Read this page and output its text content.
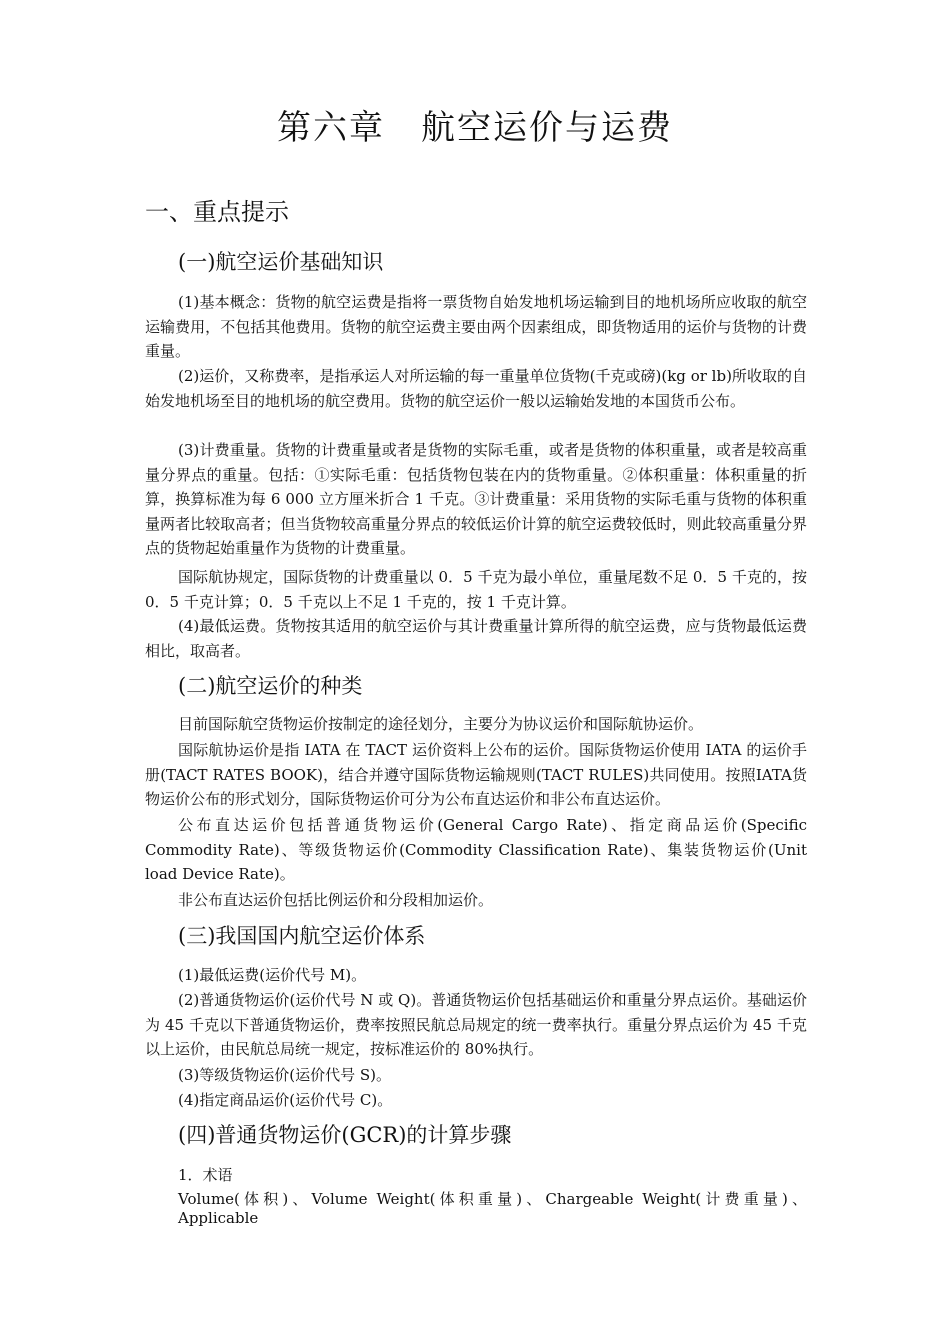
第六章　航空运价与运费
一、重点提示
(一)航空运价基础知识

(1)基本概念：货物的航空运费是指将一票货物自始发地机场运输到目的地机场所应收取的航空运输费用，不包括其他费用。货物的航空运费主要由两个因素组成，即货物适用的运价与货物的计费重量。

(2)运价，又称费率，是指承运人对所运输的每一重量单位货物(千克或磅)(kg or lb)所收取的自始发地机场至目的地机场的航空费用。货物的航空运价一般以运输始发地的本国货币公布。

(3)计费重量。货物的计费重量或者是货物的实际毛重，或者是货物的体积重量，或者是较高重量分界点的重量。包括：①实际毛重：包括货物包装在内的货物重量。②体积重量：体积重量的折算，换算标准为每 6 000 立方厘米折合 1 千克。③计费重量：采用货物的实际毛重与货物的体积重量两者比较取高者；但当货物较高重量分界点的较低运价计算的航空运费较低时，则此较高重量分界点的货物起始重量作为货物的计费重量。

国际航协规定，国际货物的计费重量以 0．5 千克为最小单位，重量尾数不足 0．5 千克的，按 0．5 千克计算；0．5 千克以上不足 1 千克的，按 1 千克计算。

(4)最低运费。货物按其适用的航空运价与其计费重量计算所得的航空运费，应与货物最低运费相比，取高者。

(二)航空运价的种类

目前国际航空货物运价按制定的途径划分，主要分为协议运价和国际航协运价。

国际航协运价是指 IATA 在 TACT 运价资料上公布的运价。国际货物运价使用 IATA 的运价手册(TACT RATES BOOK)，结合并遵守国际货物运输规则(TACT RULES)共同使用。按照IATA货物运价公布的形式划分，国际货物运价可分为公布直达运价和非公布直达运价。

公布直达运价包括普通货物运价(General Cargo Rate)、指定商品运价(Specific Commodity Rate)、等级货物运价(Commodity Classification Rate)、集装货物运价(Unit load Device Rate)。

非公布直达运价包括比例运价和分段相加运价。

(三)我国国内航空运价体系

(1)最低运费(运价代号 M)。

(2)普通货物运价(运价代号 N 或 Q)。普通货物运价包括基础运价和重量分界点运价。基础运价为 45 千克以下普通货物运价，费率按照民航总局规定的统一费率执行。重量分界点运价为 45 千克以上运价，由民航总局统一规定，按标准运价的 80%执行。

(3)等级货物运价(运价代号 S)。

(4)指定商品运价(运价代号 C)。

(四)普通货物运价(GCR)的计算步骤

1．术语

Volume(体积)、Volume Weight(体积重量)、Chargeable Weight(计费重量)、 Applicable
